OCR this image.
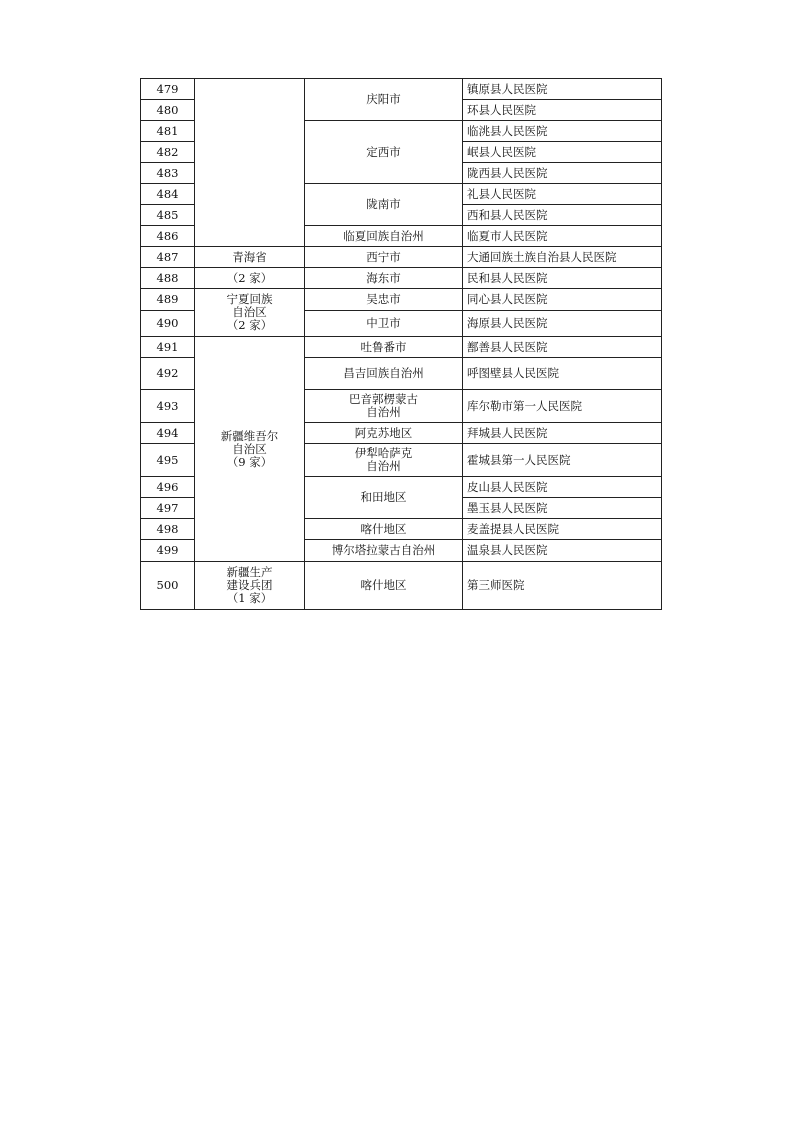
479		庆阳市	镇原县人民医院
480			环县人民医院
481		定西市	临洮县人民医院
482			岷县人民医院
483			陇西县人民医院
484		陇南市	礼县人民医院
485			西和县人民医院
486		临夏回族自治州	临夏市人民医院
487	青海省	西宁市	大通回族土族自治县人民医院
488	（2 家）	海东市	民和县人民医院
489	宁夏回族
自治区
（2 家）	吴忠市	同心县人民医院
490		中卫市	海原县人民医院
491	新疆维吾尔
自治区
（9 家）	吐鲁番市	鄯善县人民医院
492		昌吉回族自治州	呼图壁县人民医院
493		巴音郭楞蒙古
自治州	库尔勒市第一人民医院
494		阿克苏地区	拜城县人民医院
495		伊犁哈萨克
自治州	霍城县第一人民医院
496		和田地区	皮山县人民医院
497			墨玉县人民医院
498		喀什地区	麦盖提县人民医院
499		博尔塔拉蒙古自治州	温泉县人民医院
500	新疆生产
建设兵团
（1 家）	喀什地区	第三师医院
